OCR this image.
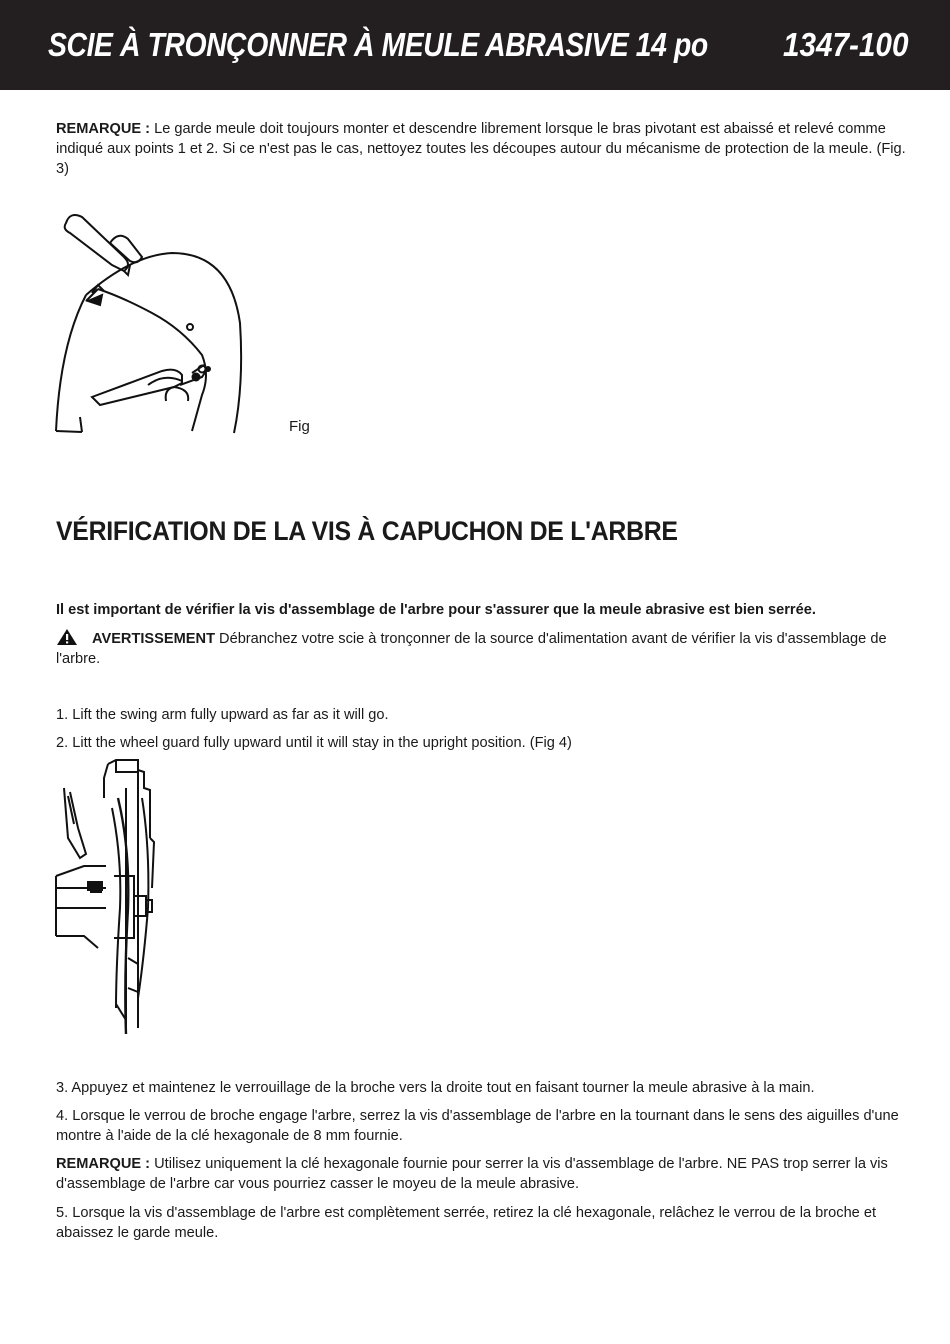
SCIE À TRONÇONNER À MEULE ABRASIVE 14 po 1347-100
REMARQUE : Le garde meule doit toujours monter et descendre librement lorsque le bras pivotant est abaissé et relevé comme indiqué aux points 1 et 2. Si ce n'est pas le cas, nettoyez toutes les découpes autour du mécanisme de protection de la meule. (Fig. 3)
Fig
VÉRIFICATION DE LA VIS À CAPUCHON DE L'ARBRE
Il est important de vérifier la vis d'assemblage de l'arbre pour s'assurer que la meule abrasive est bien serrée.
AVERTISSEMENT Débranchez votre scie à tronçonner de la source d'alimentation avant de vérifier la vis d'assemblage de l'arbre.
1. Lift the swing arm fully upward as far as it will go.
2. Litt the wheel guard fully upward until it will stay in the upright position. (Fig 4)
3. Appuyez et maintenez le verrouillage de la broche vers la droite tout en faisant tourner la meule abrasive à la main.
4. Lorsque le verrou de broche engage l'arbre, serrez la vis d'assemblage de l'arbre en la tournant dans le sens des aiguilles d'une montre à l'aide de la clé hexagonale de 8 mm fournie.
REMARQUE : Utilisez uniquement la clé hexagonale fournie pour serrer la vis d'assemblage de l'arbre. NE PAS trop serrer la vis d'assemblage de l'arbre car vous pourriez casser le moyeu de la meule abrasive.
5. Lorsque la vis d'assemblage de l'arbre est complètement serrée, retirez la clé hexagonale, relâchez le verrou de la broche et abaissez le garde meule.
